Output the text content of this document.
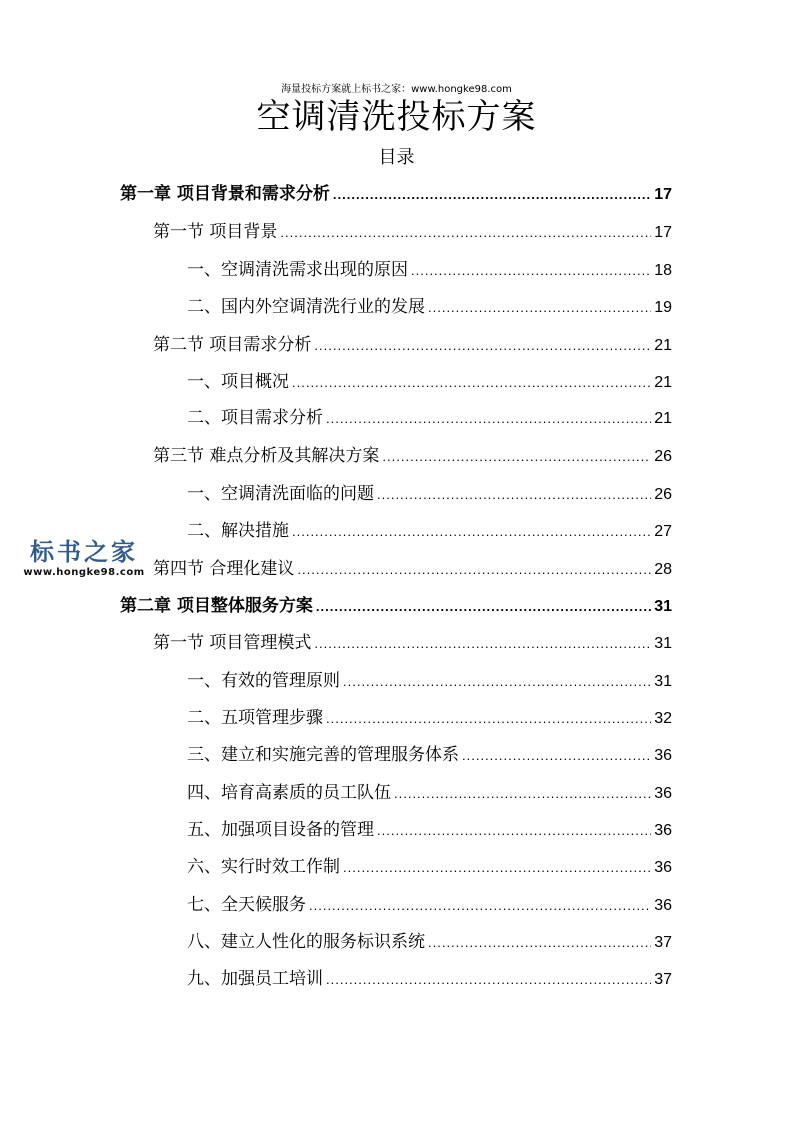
海量投标方案就上标书之家：www.hongke98.com
空调清洗投标方案
目录
第一章 项目背景和需求分析 .....	17
第一节 项目背景 .....	17
一、空调清洗需求出现的原因 .....	18
二、国内外空调清洗行业的发展 .....	19
第二节 项目需求分析 .....	21
一、项目概况 .....	21
二、项目需求分析 .....	21
第三节 难点分析及其解决方案 .....	26
一、空调清洗面临的问题 .....	26
二、解决措施 .....	27
第四节 合理化建议 .....	28
第二章 项目整体服务方案 .....	31
第一节 项目管理模式 .....	31
一、有效的管理原则 .....	31
二、五项管理步骤 .....	32
三、建立和实施完善的管理服务体系 .....	36
四、培育高素质的员工队伍 .....	36
五、加强项目设备的管理 .....	36
六、实行时效工作制 .....	36
七、全天候服务 .....	36
八、建立人性化的服务标识系统 .....	37
九、加强员工培训 .....	37
标书之家
www.hongke98.com
